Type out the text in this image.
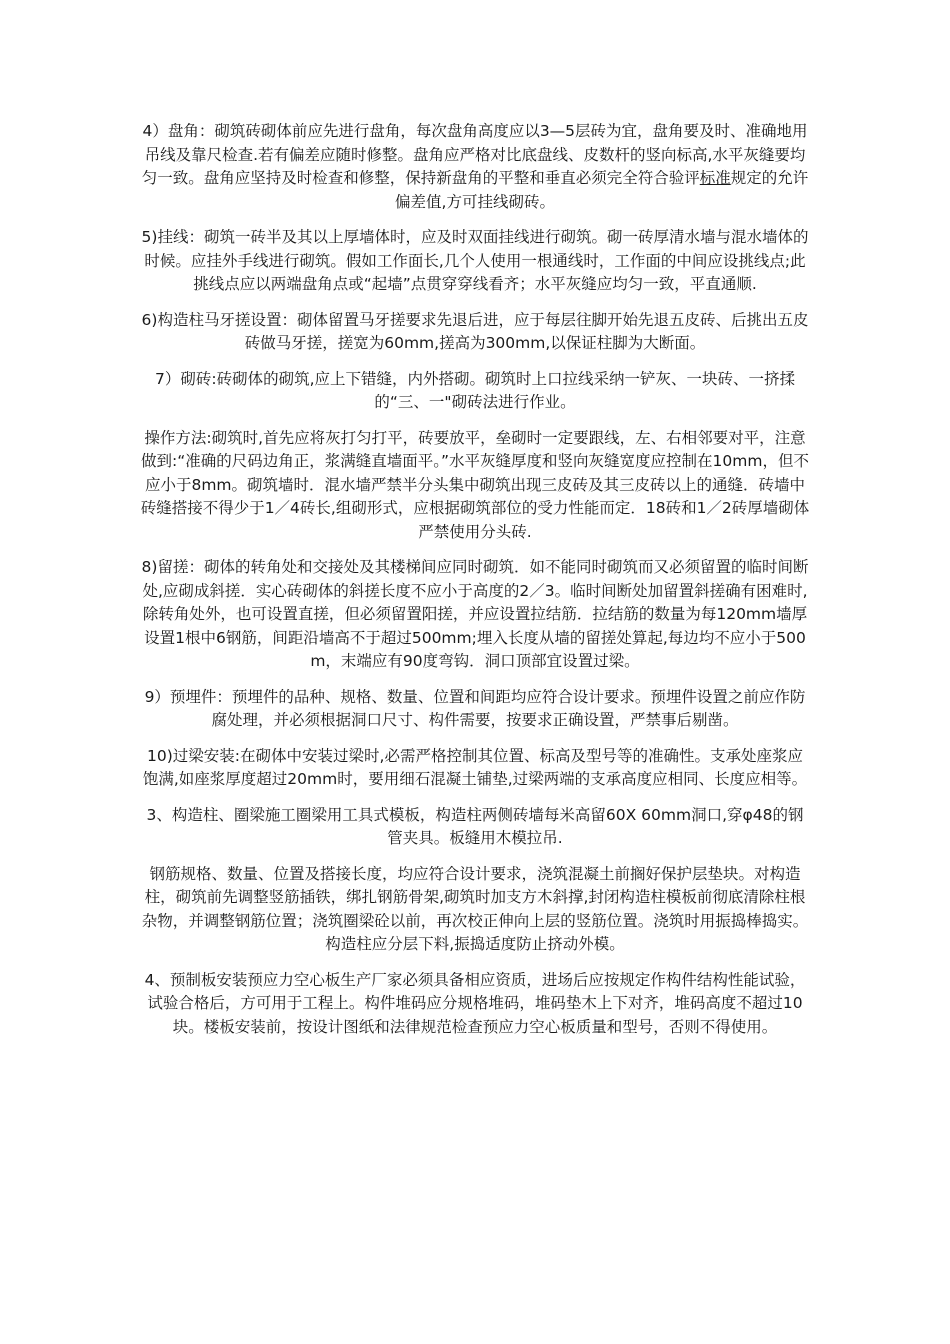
4）盘角：砌筑砖砌体前应先进行盘角，每次盘角高度应以3—5层砖为宜，盘角要及时、准确地用吊线及靠尺检查.若有偏差应随时修整。盘角应严格对比底盘线、皮数杆的竖向标高,水平灰缝要均匀一致。盘角应坚持及时检查和修整，保持新盘角的平整和垂直必须完全符合验评标准规定的允许偏差值,方可挂线砌砖。

5)挂线：砌筑一砖半及其以上厚墙体时，应及时双面挂线进行砌筑。砌一砖厚清水墙与混水墙体的时候。应挂外手线进行砌筑。假如工作面长,几个人使用一根通线时，工作面的中间应设挑线点;此挑线点应以两端盘角点或“起墙”点贯穿穿线看齐；水平灰缝应均匀一致，平直通顺.

6)构造柱马牙搓设置：砌体留置马牙搓要求先退后进，应于每层往脚开始先退五皮砖、后挑出五皮砖做马牙搓，搓宽为60mm,搓高为300mm,以保证柱脚为大断面。

7）砌砖:砖砌体的砌筑,应上下错缝，内外搭砌。砌筑时上口拉线采纳一铲灰、一块砖、一挤揉的“三、一"砌砖法进行作业。

操作方法:砌筑时,首先应将灰打匀打平，砖要放平，垒砌时一定要跟线，左、右相邻要对平，注意做到:“准确的尺码边角正，浆满缝直墙面平。”水平灰缝厚度和竖向灰缝宽度应控制在10mm，但不应小于8mm。砌筑墙时．混水墙严禁半分头集中砌筑出现三皮砖及其三皮砖以上的通缝．砖墙中砖缝搭接不得少于1／4砖长,组砌形式，应根据砌筑部位的受力性能而定．18砖和1／2砖厚墙砌体严禁使用分头砖.

8)留搓：砌体的转角处和交接处及其楼梯间应同时砌筑．如不能同时砌筑而又必须留置的临时间断处,应砌成斜搓．实心砖砌体的斜搓长度不应小于高度的2／3。临时间断处加留置斜搓确有困难时,除转角处外，也可设置直搓，但必须留置阳搓，并应设置拉结筋．拉结筋的数量为每120mm墙厚设置1根中6钢筋，间距沿墙高不于超过500mm;埋入长度从墙的留搓处算起,每边均不应小于500m，末端应有90度弯钩．洞口顶部宜设置过梁。

9）预埋件：预埋件的品种、规格、数量、位置和间距均应符合设计要求。预埋件设置之前应作防腐处理，并必须根据洞口尺寸、构件需要，按要求正确设置，严禁事后剔凿。

10)过梁安装:在砌体中安装过梁时,必需严格控制其位置、标高及型号等的准确性。支承处座浆应饱满,如座浆厚度超过20mm时，要用细石混凝土铺垫,过梁两端的支承高度应相同、长度应相等。

3、构造柱、圈梁施工圈梁用工具式模板，构造柱两侧砖墙每米高留60X 60mm洞口,穿φ48的钢管夹具。板缝用木模拉吊.

钢筋规格、数量、位置及搭接长度，均应符合设计要求，浇筑混凝土前搁好保护层垫块。对构造柱，砌筑前先调整竖筋插铁，绑扎钢筋骨架,砌筑时加支方木斜撑,封闭构造柱模板前彻底清除柱根杂物，并调整钢筋位置；浇筑圈梁砼以前，再次校正伸向上层的竖筋位置。浇筑时用振捣棒捣实。构造柱应分层下料,振捣适度防止挤动外模。

4、预制板安装预应力空心板生产厂家必须具备相应资质，进场后应按规定作构件结构性能试验，试验合格后，方可用于工程上。构件堆码应分规格堆码，堆码垫木上下对齐，堆码高度不超过10块。楼板安装前，按设计图纸和法律规范检查预应力空心板质量和型号，否则不得使用。
